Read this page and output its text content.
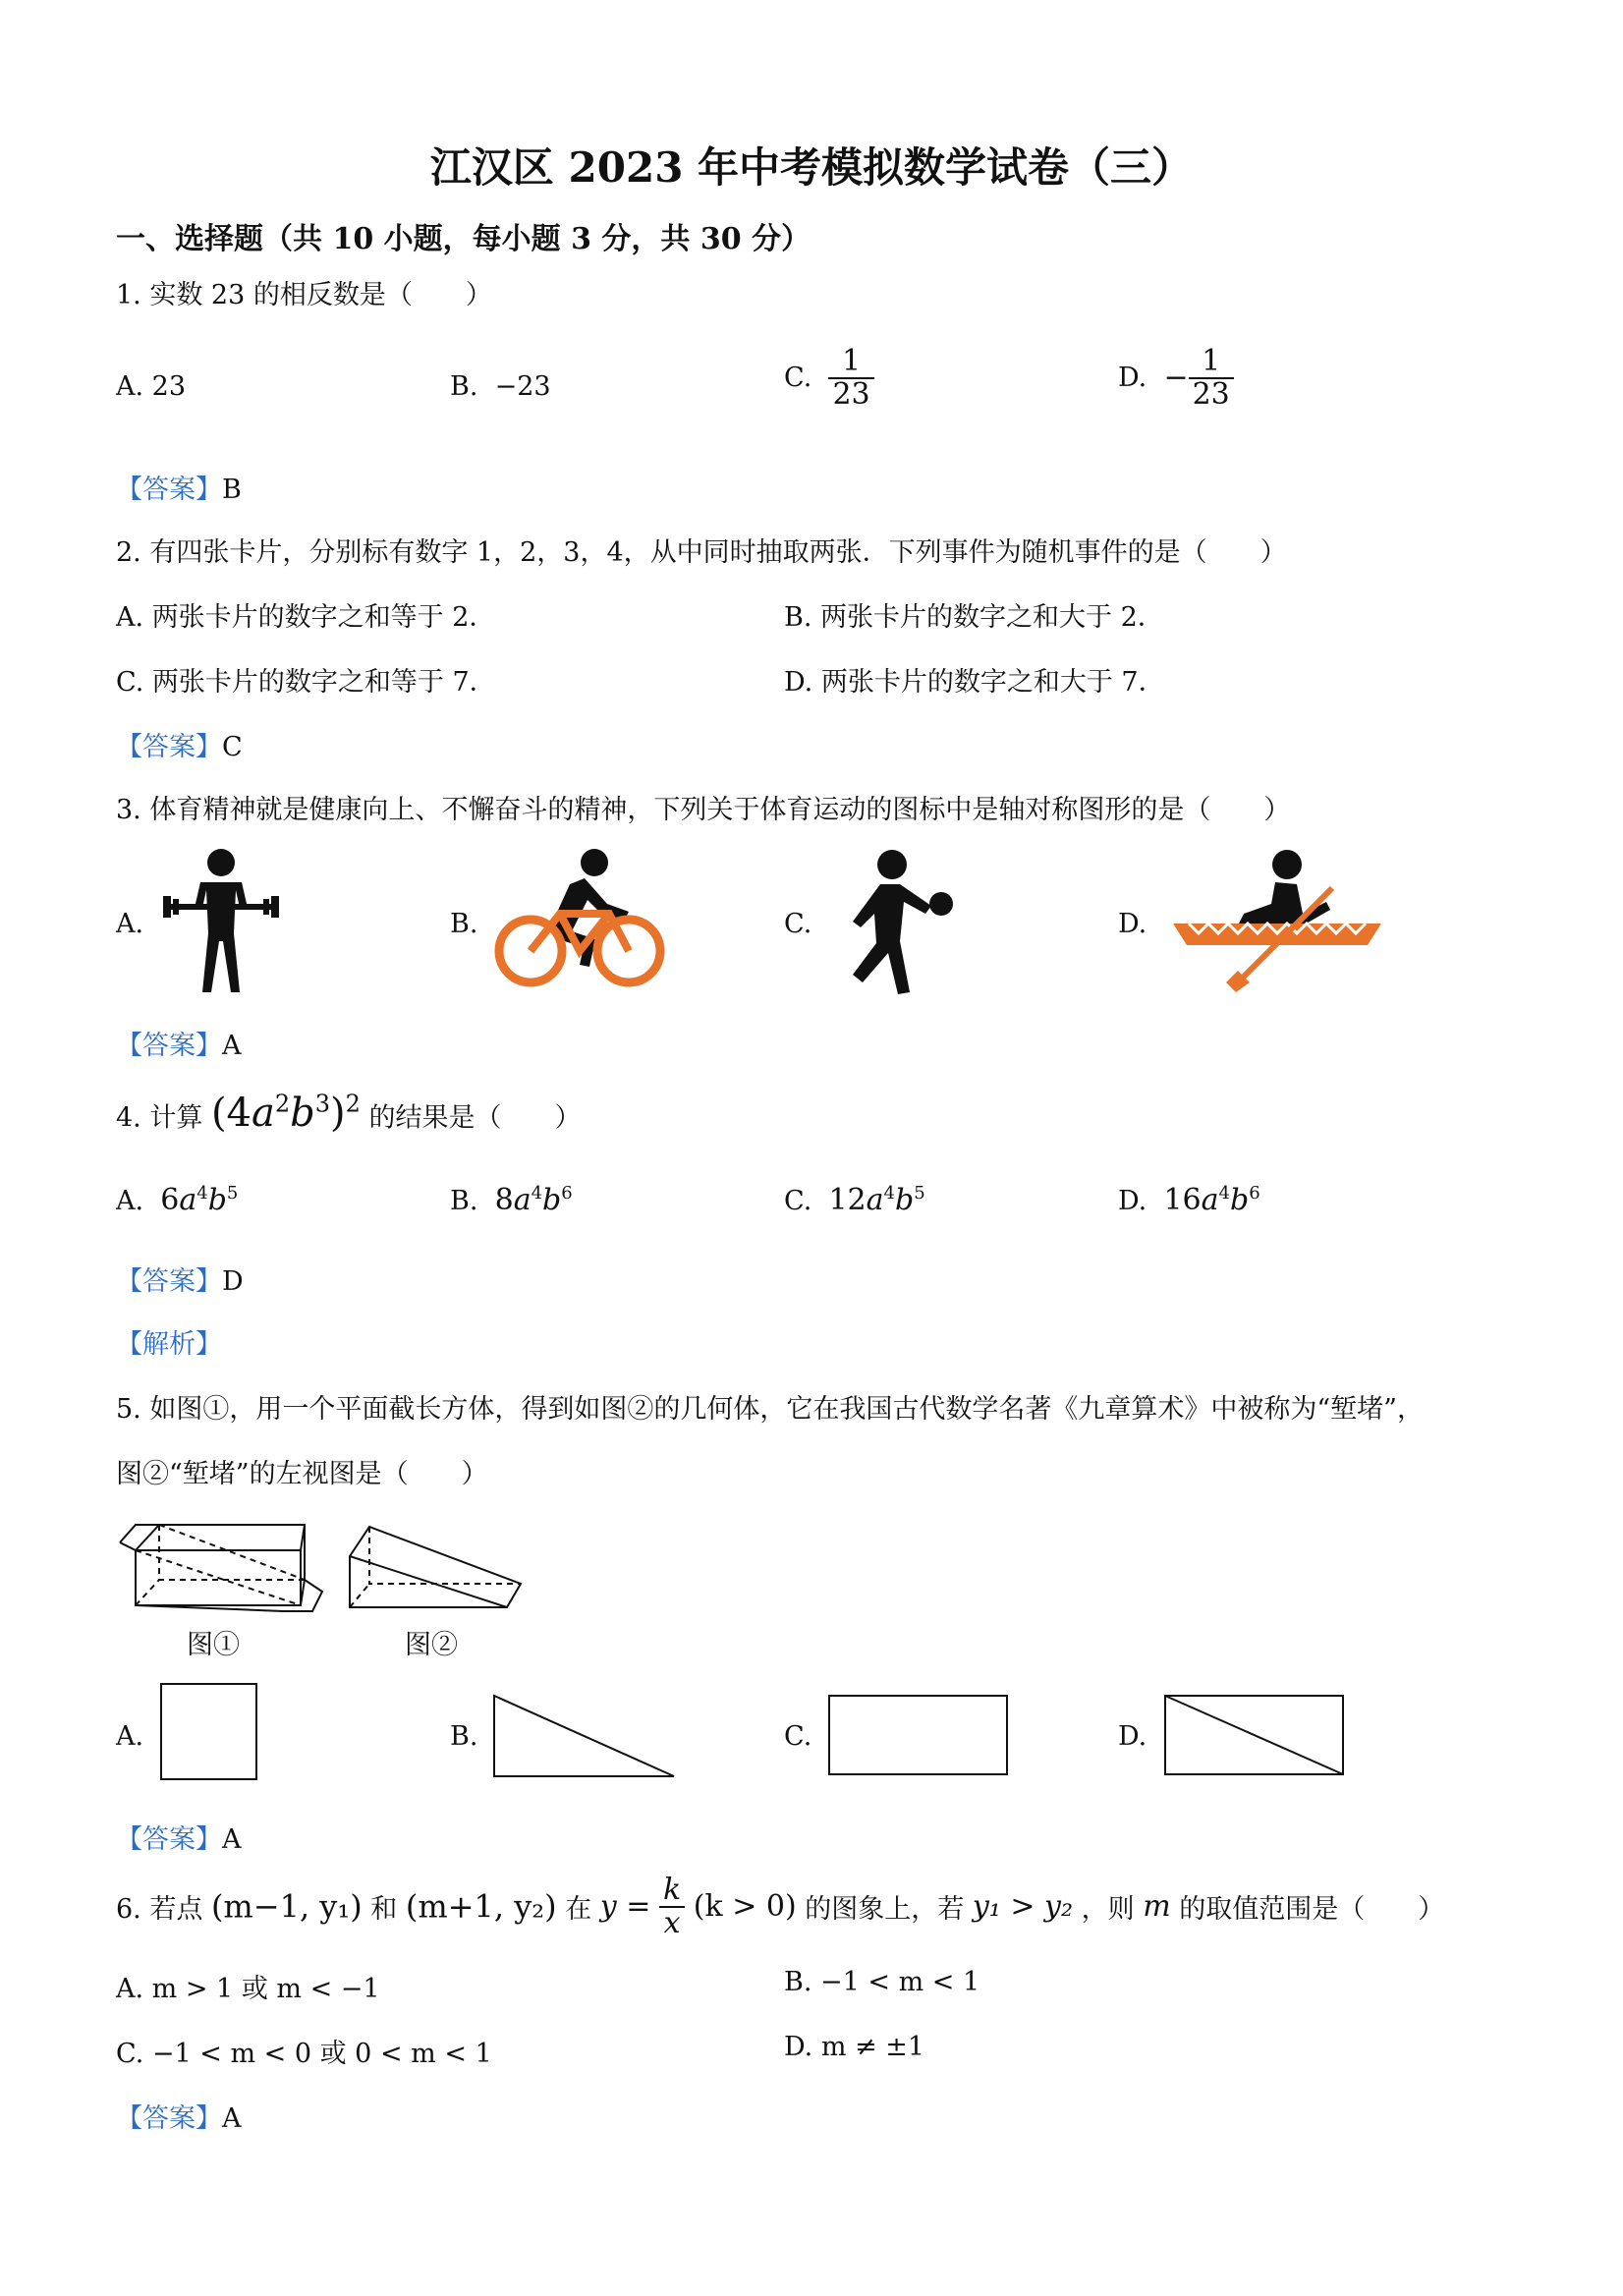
江汉区 2023 年中考模拟数学试卷（三）
一、选择题（共 10 小题，每小题 3 分，共 30 分）
1. 实数 23 的相反数是（　　）
A. 23	B. −23	C. $\frac{1}{23}$	D. − $\frac{1}{23}$
【答案】B
2. 有四张卡片，分别标有数字 1，2，3，4，从中同时抽取两张．下列事件为随机事件的是（　　）
A. 两张卡片的数字之和等于 2．	B. 两张卡片的数字之和大于 2．
C. 两张卡片的数字之和等于 7．	D. 两张卡片的数字之和大于 7．
【答案】C
3. 体育精神就是健康向上、不懈奋斗的精神，下列关于体育运动的图标中是轴对称图形的是（　　）
A.	B.	C.	D.
【答案】A
4. 计算 $(4a^2b^3)^2$ 的结果是（　　）
A. $6a^4b^5$	B. $8a^4b^6$	C. $12a^4b^5$	D. $16a^4b^6$
【答案】D
【解析】
5. 如图①，用一个平面截长方体，得到如图②的几何体，它在我国古代数学名著《九章算术》中被称为“堑堵”，
图②“堑堵”的左视图是（　　）
图①	图②
A.	B.	C.	D.
【答案】A
6. 若点 (m−1, y₁) 和 (m+1, y₂) 在 $y = \frac{k}{x} (k > 0)$ 的图象上，若 y₁ > y₂ ，则 m 的取值范围是（　　）
A. m > 1 或 m < −1	B. −1 < m < 1
C. −1 < m < 0 或 0 < m < 1	D. m ≠ ±1
【答案】A
